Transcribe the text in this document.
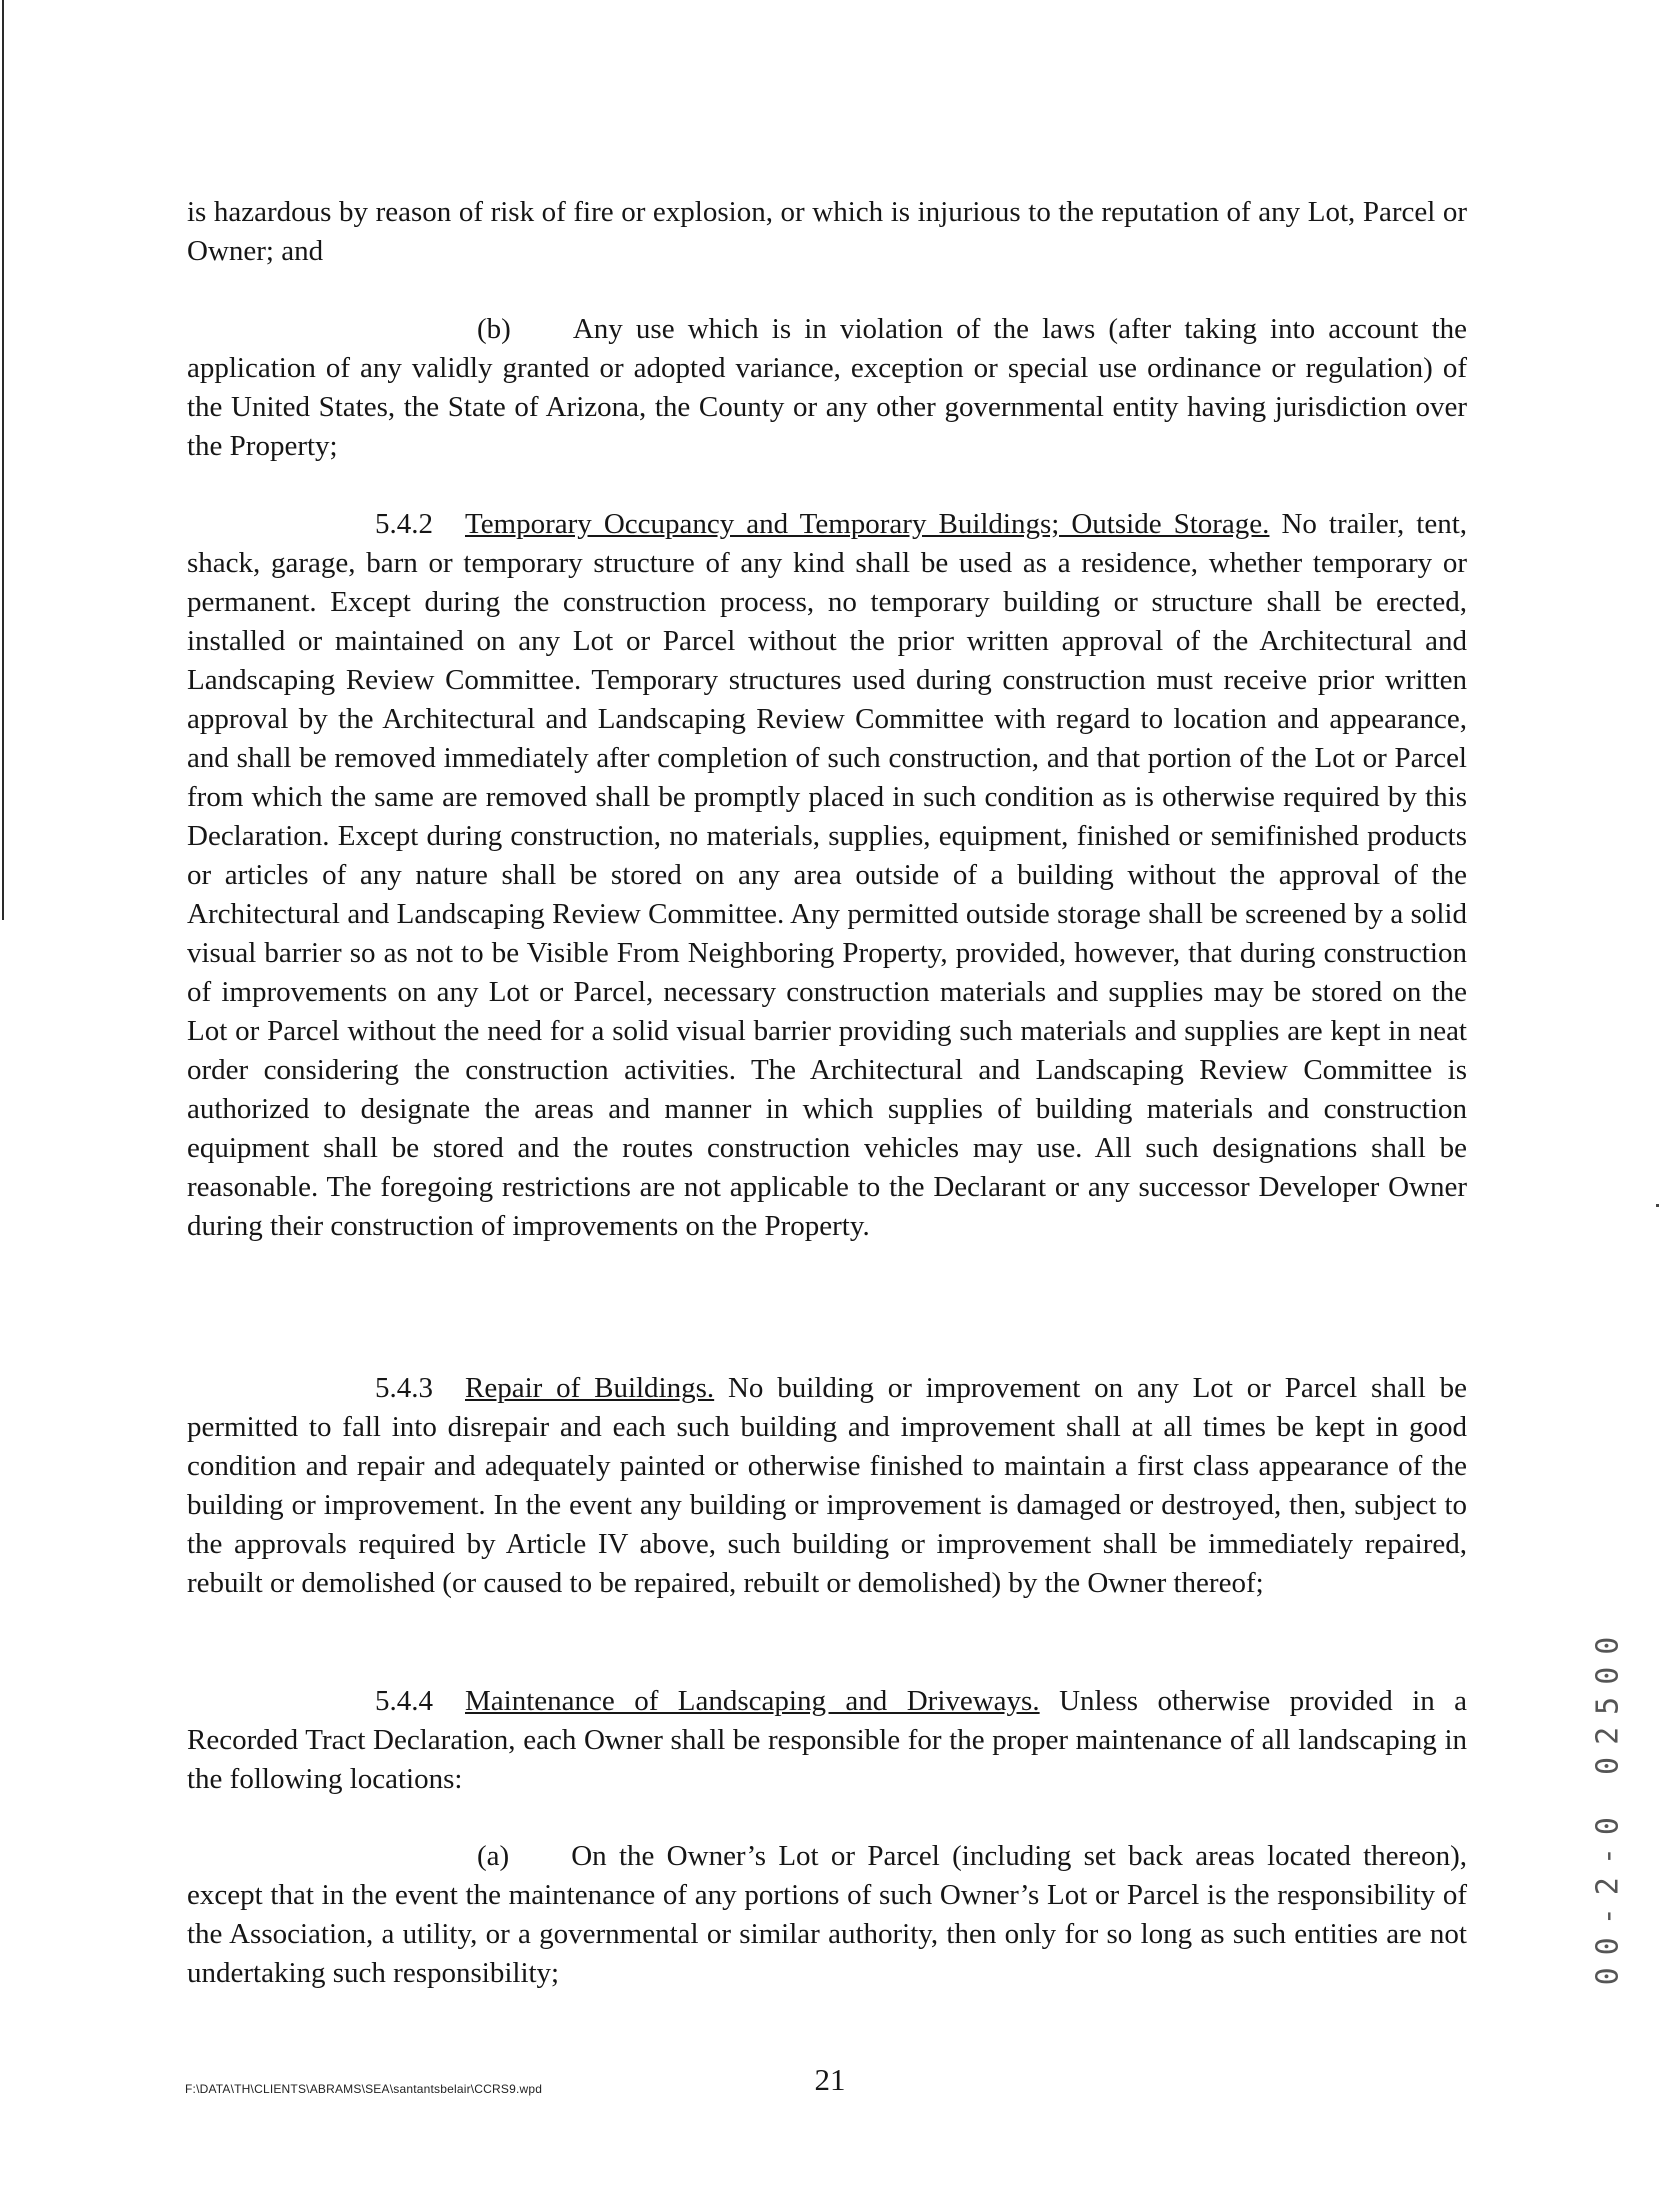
is hazardous by reason of risk of fire or explosion, or which is injurious to the reputation of any Lot, Parcel or Owner; and

(b) Any use which is in violation of the laws (after taking into account the application of any validly granted or adopted variance, exception or special use ordinance or regulation) of the United States, the State of Arizona, the County or any other governmental entity having jurisdiction over the Property;

5.4.2 Temporary Occupancy and Temporary Buildings; Outside Storage. No trailer, tent, shack, garage, barn or temporary structure of any kind shall be used as a residence, whether temporary or permanent. Except during the construction process, no temporary building or structure shall be erected, installed or maintained on any Lot or Parcel without the prior written approval of the Architectural and Landscaping Review Committee. Temporary structures used during construction must receive prior written approval by the Architectural and Landscaping Review Committee with regard to location and appearance, and shall be removed immediately after completion of such construction, and that portion of the Lot or Parcel from which the same are removed shall be promptly placed in such condition as is otherwise required by this Declaration. Except during construction, no materials, supplies, equipment, finished or semifinished products or articles of any nature shall be stored on any area outside of a building without the approval of the Architectural and Landscaping Review Committee. Any permitted outside storage shall be screened by a solid visual barrier so as not to be Visible From Neighboring Property, provided, however, that during construction of improvements on any Lot or Parcel, necessary construction materials and supplies may be stored on the Lot or Parcel without the need for a solid visual barrier providing such materials and supplies are kept in neat order considering the construction activities. The Architectural and Landscaping Review Committee is authorized to designate the areas and manner in which supplies of building materials and construction equipment shall be stored and the routes construction vehicles may use. All such designations shall be reasonable. The foregoing restrictions are not applicable to the Declarant or any successor Developer Owner during their construction of improvements on the Property.

5.4.3 Repair of Buildings. No building or improvement on any Lot or Parcel shall be permitted to fall into disrepair and each such building and improvement shall at all times be kept in good condition and repair and adequately painted or otherwise finished to maintain a first class appearance of the building or improvement. In the event any building or improvement is damaged or destroyed, then, subject to the approvals required by Article IV above, such building or improvement shall be immediately repaired, rebuilt or demolished (or caused to be repaired, rebuilt or demolished) by the Owner thereof;

5.4.4 Maintenance of Landscaping and Driveways. Unless otherwise provided in a Recorded Tract Declaration, each Owner shall be responsible for the proper maintenance of all landscaping in the following locations:

(a) On the Owner’s Lot or Parcel (including set back areas located thereon), except that in the event the maintenance of any portions of such Owner’s Lot or Parcel is the responsibility of the Association, a utility, or a governmental or similar authority, then only for so long as such entities are not undertaking such responsibility;

F:\DATA\TH\CLIENTS\ABRAMS\SEA\santantsbelair\CCRS9.wpd	21
00-2-0 02500
